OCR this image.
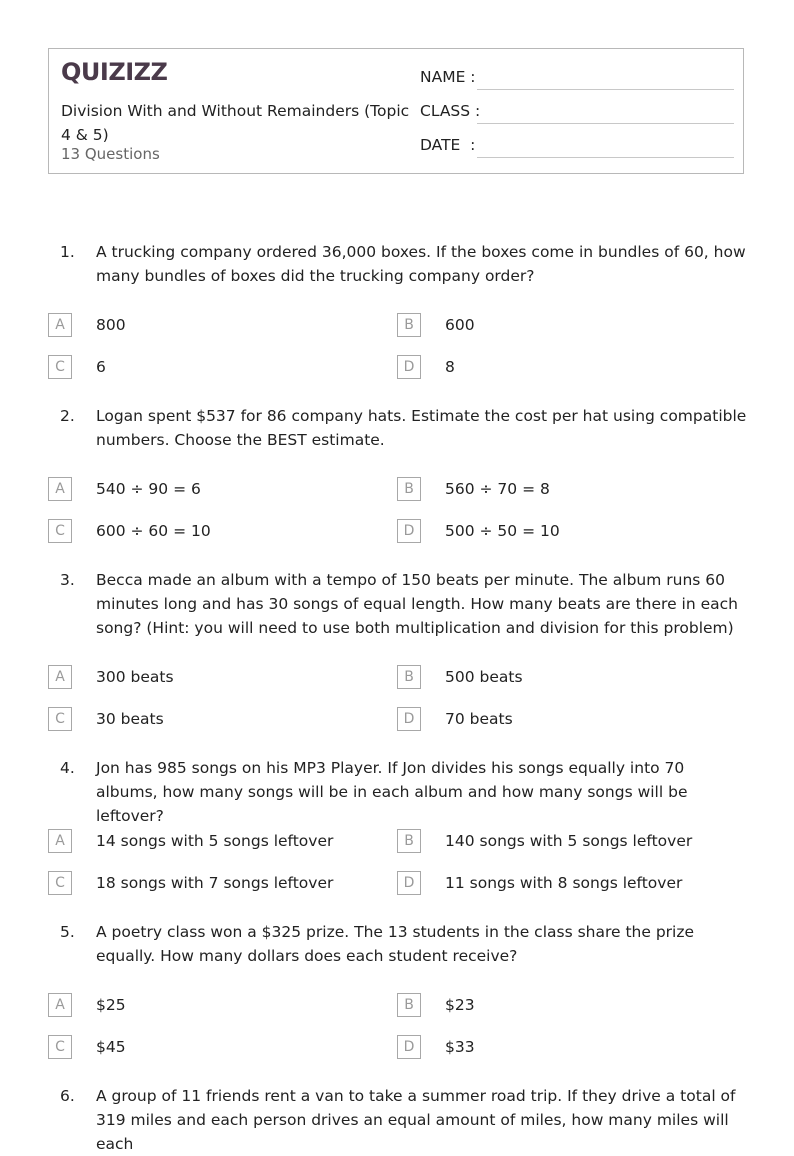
QUIZIZZ
Division With and Without Remainders (Topic 4 & 5)
13 Questions
NAME :
CLASS :
DATE  :
1. A trucking company ordered 36,000 boxes. If the boxes come in bundles of 60, how many bundles of boxes did the trucking company order?
A	800	B	600
C	6	D	8
2. Logan spent $537 for 86 company hats. Estimate the cost per hat using compatible numbers. Choose the BEST estimate.
A	540 ÷ 90 = 6	B	560 ÷ 70 = 8
C	600 ÷ 60 = 10	D	500 ÷ 50 = 10
3. Becca made an album with a tempo of 150 beats per minute. The album runs 60 minutes long and has 30 songs of equal length. How many beats are there in each song? (Hint: you will need to use both multiplication and division for this problem)
A	300 beats	B	500 beats
C	30 beats	D	70 beats
4. Jon has 985 songs on his MP3 Player. If Jon divides his songs equally into 70 albums, how many songs will be in each album and how many songs will be leftover?
A	14 songs with 5 songs leftover	B	140 songs with 5 songs leftover
C	18 songs with 7 songs leftover	D	11 songs with 8 songs leftover
5. A poetry class won a $325 prize. The 13 students in the class share the prize equally. How many dollars does each student receive?
A	$25	B	$23
C	$45	D	$33
6. A group of 11 friends rent a van to take a summer road trip. If they drive a total of 319 miles and each person drives an equal amount of miles, how many miles will each
